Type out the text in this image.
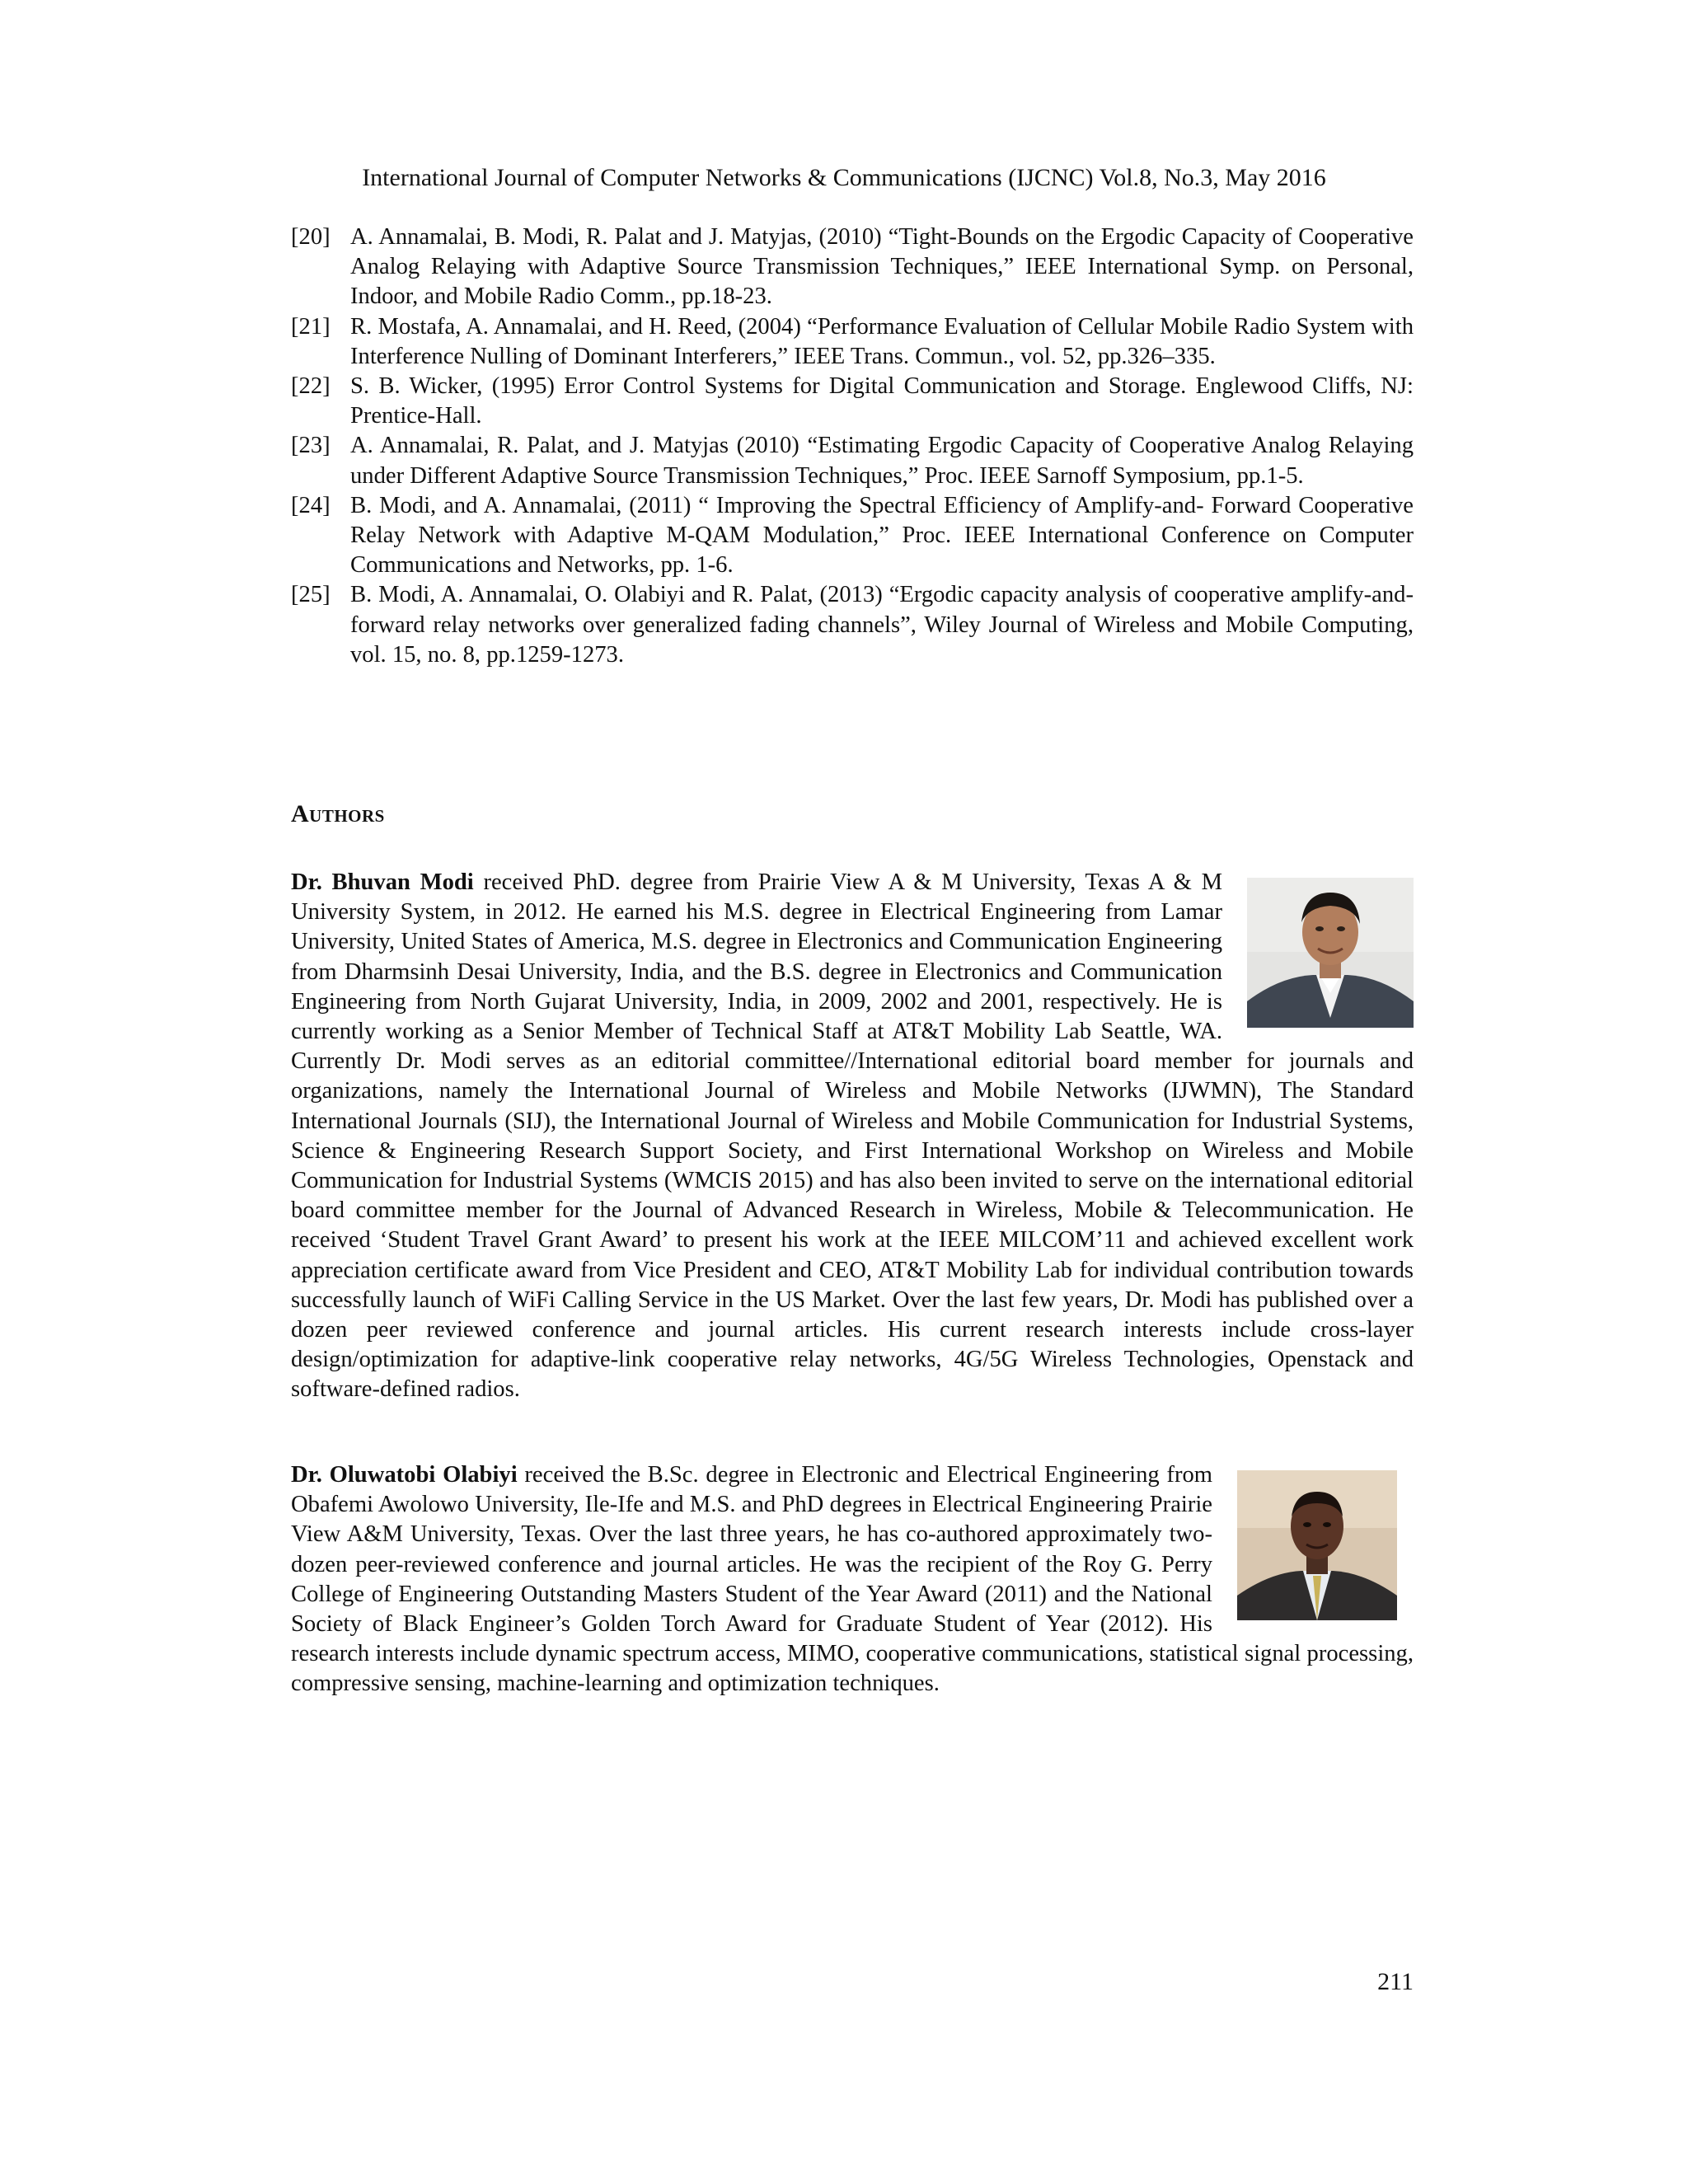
International Journal of Computer Networks & Communications (IJCNC) Vol.8, No.3, May 2016
[20] A. Annamalai, B. Modi, R. Palat and J. Matyjas, (2010) “Tight-Bounds on the Ergodic Capacity of Cooperative Analog Relaying with Adaptive Source Transmission Techniques,” IEEE International Symp. on Personal, Indoor, and Mobile Radio Comm., pp.18-23.
[21] R. Mostafa, A. Annamalai, and H. Reed, (2004) “Performance Evaluation of Cellular Mobile Radio System with Interference Nulling of Dominant Interferers,” IEEE Trans. Commun., vol. 52, pp.326–335.
[22] S. B. Wicker, (1995) Error Control Systems for Digital Communication and Storage. Englewood Cliffs, NJ: Prentice-Hall.
[23] A. Annamalai, R. Palat, and J. Matyjas (2010) “Estimating Ergodic Capacity of Cooperative Analog Relaying under Different Adaptive Source Transmission Techniques,” Proc. IEEE Sarnoff Symposium, pp.1-5.
[24] B. Modi, and A. Annamalai, (2011) “ Improving the Spectral Efficiency of Amplify-and- Forward Cooperative Relay Network with Adaptive M-QAM Modulation,” Proc. IEEE International Conference on Computer Communications and Networks, pp. 1-6.
[25] B. Modi, A. Annamalai, O. Olabiyi and R. Palat, (2013) “Ergodic capacity analysis of cooperative amplify-and-forward relay networks over generalized fading channels”, Wiley Journal of Wireless and Mobile Computing, vol. 15, no. 8, pp.1259-1273.
Authors
Dr. Bhuvan Modi received PhD. degree from Prairie View A & M University, Texas A & M University System, in 2012. He earned his M.S. degree in Electrical Engineering from Lamar University, United States of America, M.S. degree in Electronics and Communication Engineering from Dharmsinh Desai University, India, and the B.S. degree in Electronics and Communication Engineering from North Gujarat University, India, in 2009, 2002 and 2001, respectively. He is currently working as a Senior Member of Technical Staff at AT&T Mobility Lab Seattle, WA. Currently Dr. Modi serves as an editorial committee//International editorial board member for journals and organizations, namely the International Journal of Wireless and Mobile Networks (IJWMN), The Standard International Journals (SIJ), the International Journal of Wireless and Mobile Communication for Industrial Systems, Science & Engineering Research Support Society, and First International Workshop on Wireless and Mobile Communication for Industrial Systems (WMCIS 2015) and has also been invited to serve on the international editorial board committee member for the Journal of Advanced Research in Wireless, Mobile & Telecommunication. He received ‘Student Travel Grant Award’ to present his work at the IEEE MILCOM’11 and achieved excellent work appreciation certificate award from Vice President and CEO, AT&T Mobility Lab for individual contribution towards successfully launch of WiFi Calling Service in the US Market. Over the last few years, Dr. Modi has published over a dozen peer reviewed conference and journal articles. His current research interests include cross-layer design/optimization for adaptive-link cooperative relay networks, 4G/5G Wireless Technologies, Openstack and software-defined radios.
Dr. Oluwatobi Olabiyi received the B.Sc. degree in Electronic and Electrical Engineering from Obafemi Awolowo University, Ile-Ife and M.S. and PhD degrees in Electrical Engineering Prairie View A&M University, Texas. Over the last three years, he has co-authored approximately two-dozen peer-reviewed conference and journal articles. He was the recipient of the Roy G. Perry College of Engineering Outstanding Masters Student of the Year Award (2011) and the National Society of Black Engineer’s Golden Torch Award for Graduate Student of Year (2012). His research interests include dynamic spectrum access, MIMO, cooperative communications, statistical signal processing, compressive sensing, machine-learning and optimization techniques.
211
